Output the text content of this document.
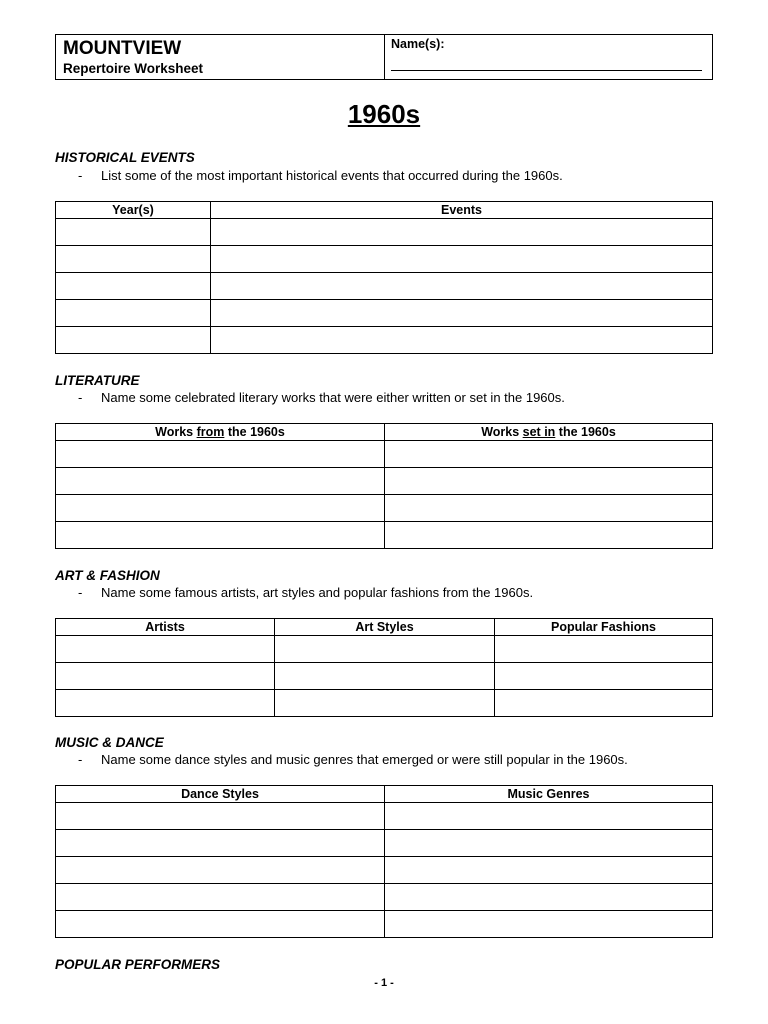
MOUNTVIEW
Repertoire Worksheet
Name(s):
1960s
HISTORICAL EVENTS
- List some of the most important historical events that occurred during the 1960s.
Year(s)	Events

LITERATURE
- Name some celebrated literary works that were either written or set in the 1960s.
Works from the 1960s	Works set in the 1960s

ART & FASHION
- Name some famous artists, art styles and popular fashions from the 1960s.
Artists	Art Styles	Popular Fashions

MUSIC & DANCE
- Name some dance styles and music genres that emerged or were still popular in the 1960s.
Dance Styles	Music Genres

POPULAR PERFORMERS
- 1 -
